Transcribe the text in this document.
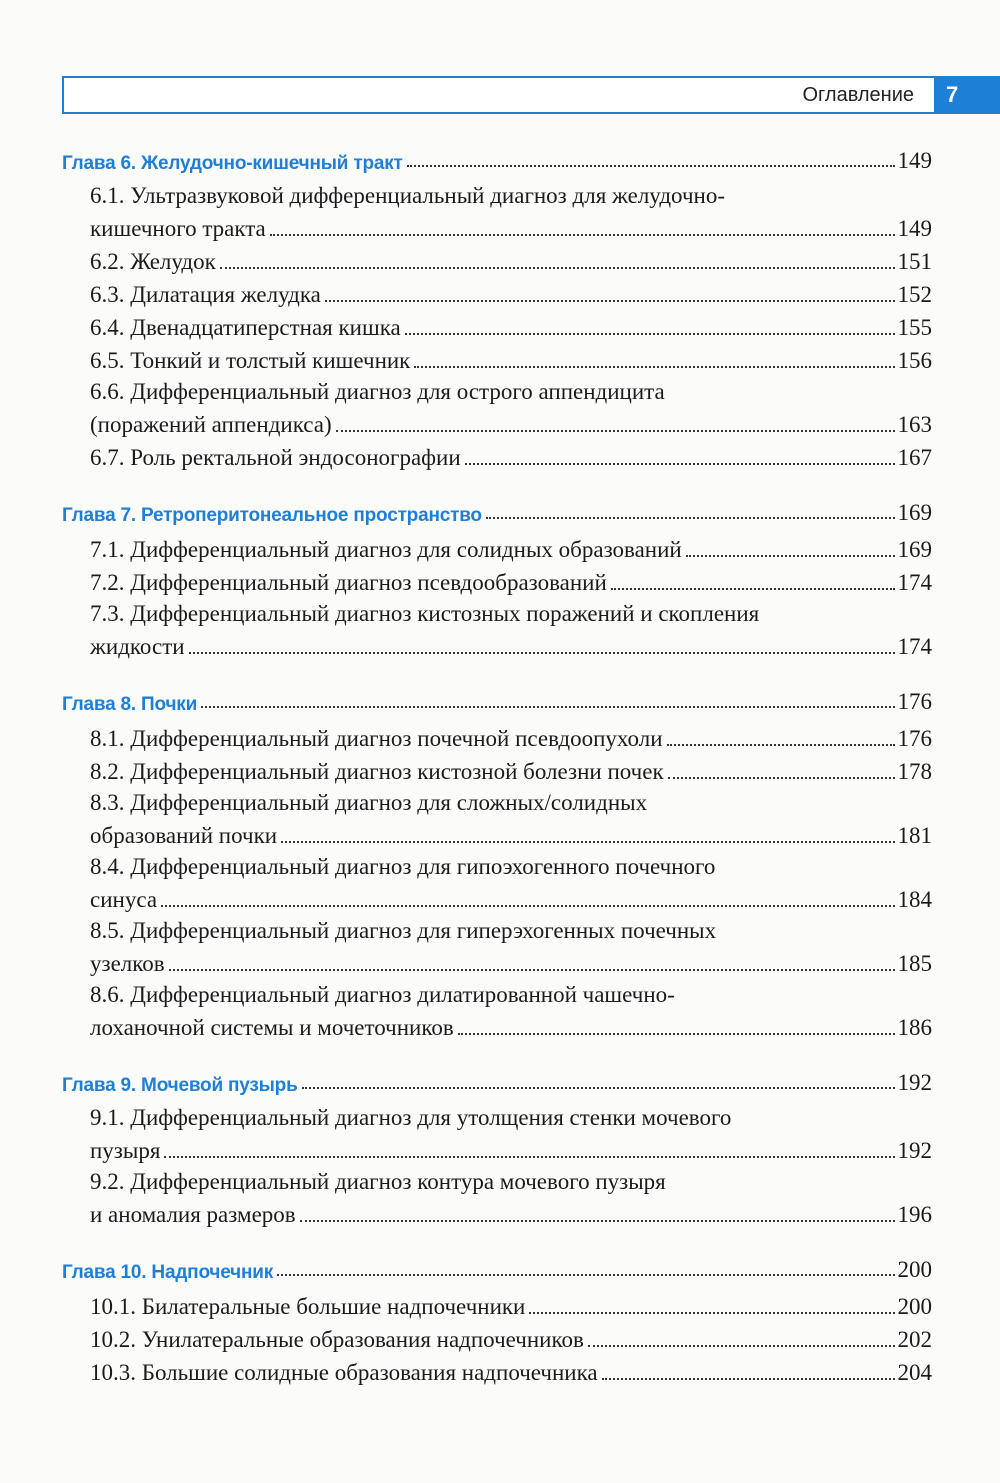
Оглавление	7
Глава 6. Желудочно-кишечный тракт	149
6.1. Ультразвуковой дифференциальный диагноз для желудочно-
кишечного тракта	149
6.2. Желудок	151
6.3. Дилатация желудка	152
6.4. Двенадцатиперстная кишка	155
6.5. Тонкий и толстый кишечник	156
6.6. Дифференциальный диагноз для острого аппендицита
(поражений аппендикса)	163
6.7. Роль ректальной эндосонографии	167
Глава 7. Ретроперитонеальное пространство	169
7.1. Дифференциальный диагноз для солидных образований	169
7.2. Дифференциальный диагноз псевдообразований	174
7.3. Дифференциальный диагноз кистозных поражений и скопления
жидкости	174
Глава 8. Почки	176
8.1. Дифференциальный диагноз почечной псевдоопухоли	176
8.2. Дифференциальный диагноз кистозной болезни почек	178
8.3. Дифференциальный диагноз для сложных/солидных
образований почки	181
8.4. Дифференциальный диагноз для гипоэхогенного почечного
синуса	184
8.5. Дифференциальный диагноз для гиперэхогенных почечных
узелков	185
8.6. Дифференциальный диагноз дилатированной чашечно-
лоханочной системы и мочеточников	186
Глава 9. Мочевой пузырь	192
9.1. Дифференциальный диагноз для утолщения стенки мочевого
пузыря	192
9.2. Дифференциальный диагноз контура мочевого пузыря
и аномалия размеров	196
Глава 10. Надпочечник	200
10.1. Билатеральные большие надпочечники	200
10.2. Унилатеральные образования надпочечников	202
10.3. Большие солидные образования надпочечника	204
